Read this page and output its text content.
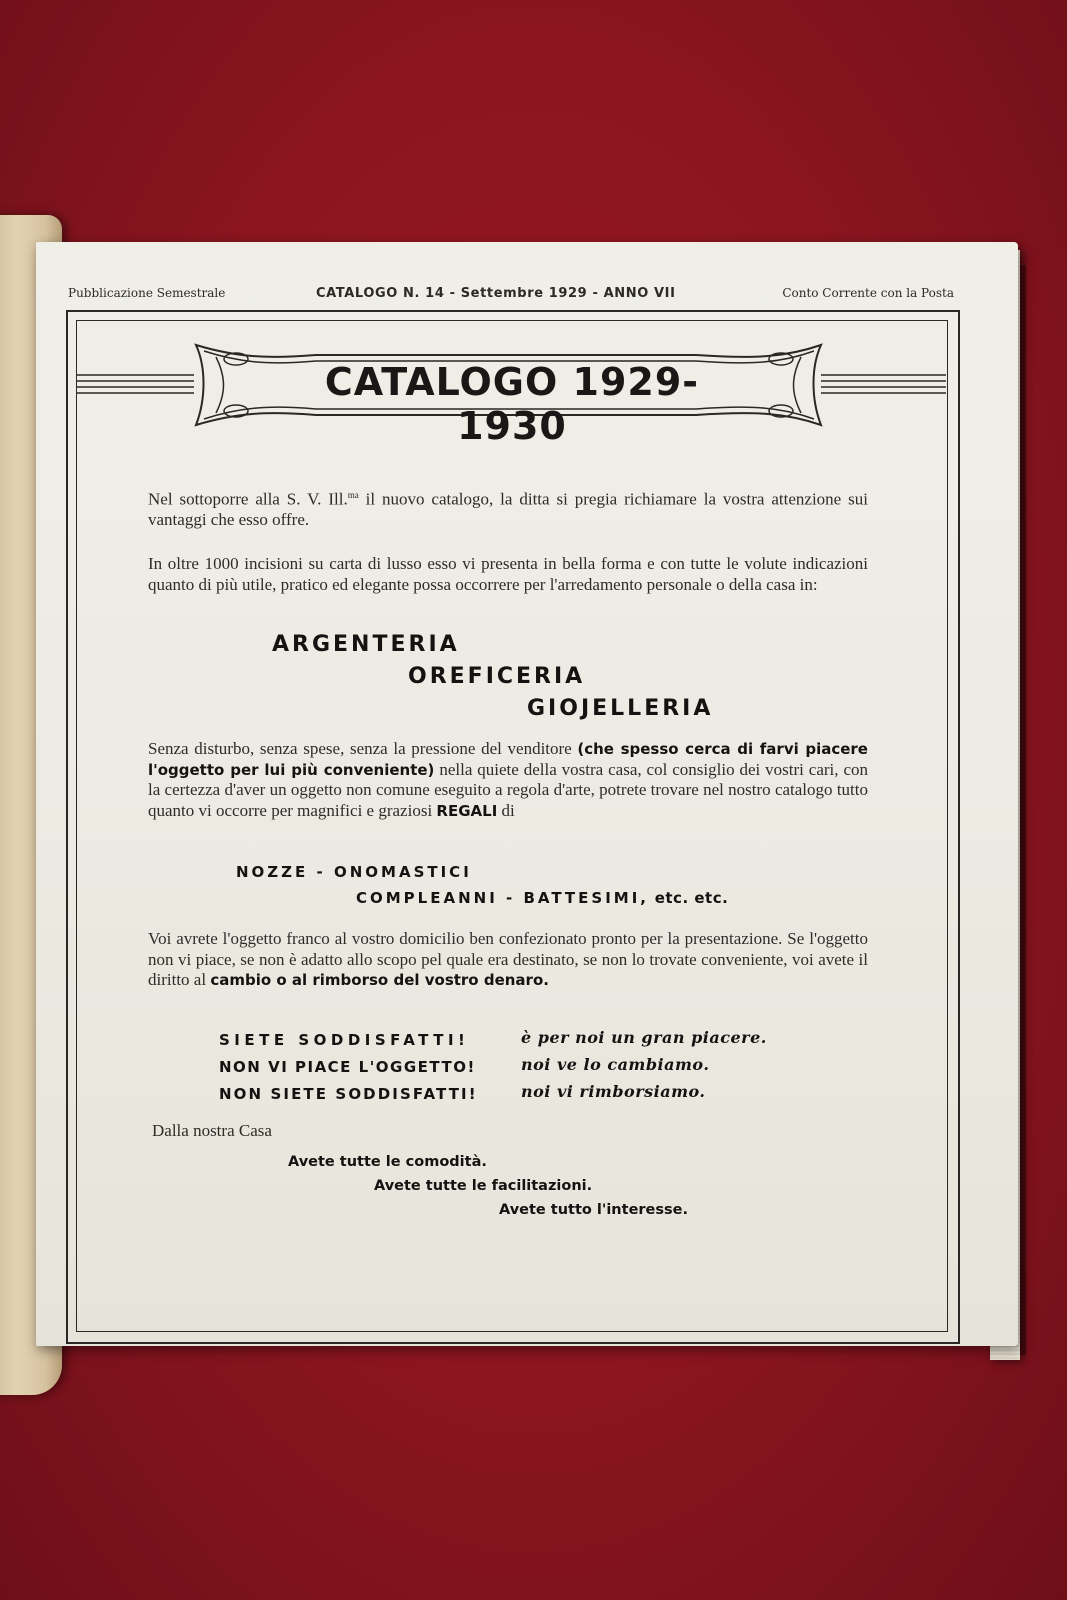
Pubblicazione Semestrale	CATALOGO N. 14 - Settembre 1929 - ANNO VII	Conto Corrente con la Posta
CATALOGO 1929-1930
Nel sottoporre alla S. V. Ill.$^{ma}$ il nuovo catalogo, la ditta si pregia richiamare la vostra attenzione sui vantaggi che esso offre.
In oltre 1000 incisioni su carta di lusso esso vi presenta in bella forma e con tutte le volute indicazioni quanto di più utile, pratico ed elegante possa occorrere per l'arredamento personale o della casa in:
ARGENTERIA
OREFICERIA
GIOJELLERIA
Senza disturbo, senza spese, senza la pressione del venditore (che spesso cerca di farvi piacere l'oggetto per lui più conveniente) nella quiete della vostra casa, col consiglio dei vostri cari, con la certezza d'aver un oggetto non comune eseguito a regola d'arte, potrete trovare nel nostro catalogo tutto quanto vi occorre per magnifici e graziosi REGALI di
NOZZE - ONOMASTICI
COMPLEANNI - BATTESIMI, etc. etc.
Voi avrete l'oggetto franco al vostro domicilio ben confezionato pronto per la presentazione. Se l'oggetto non vi piace, se non è adatto allo scopo pel quale era destinato, se non lo trovate conveniente, voi avete il diritto al cambio o al rimborso del vostro denaro.
SIETE SODDISFATTI!	è per noi un gran piacere.
NON VI PIACE L'OGGETTO!	noi ve lo cambiamo.
NON SIETE SODDISFATTI!	noi vi rimborsiamo.
Dalla nostra Casa
Avete tutte le comodità.
Avete tutte le facilitazioni.
Avete tutto l'interesse.
